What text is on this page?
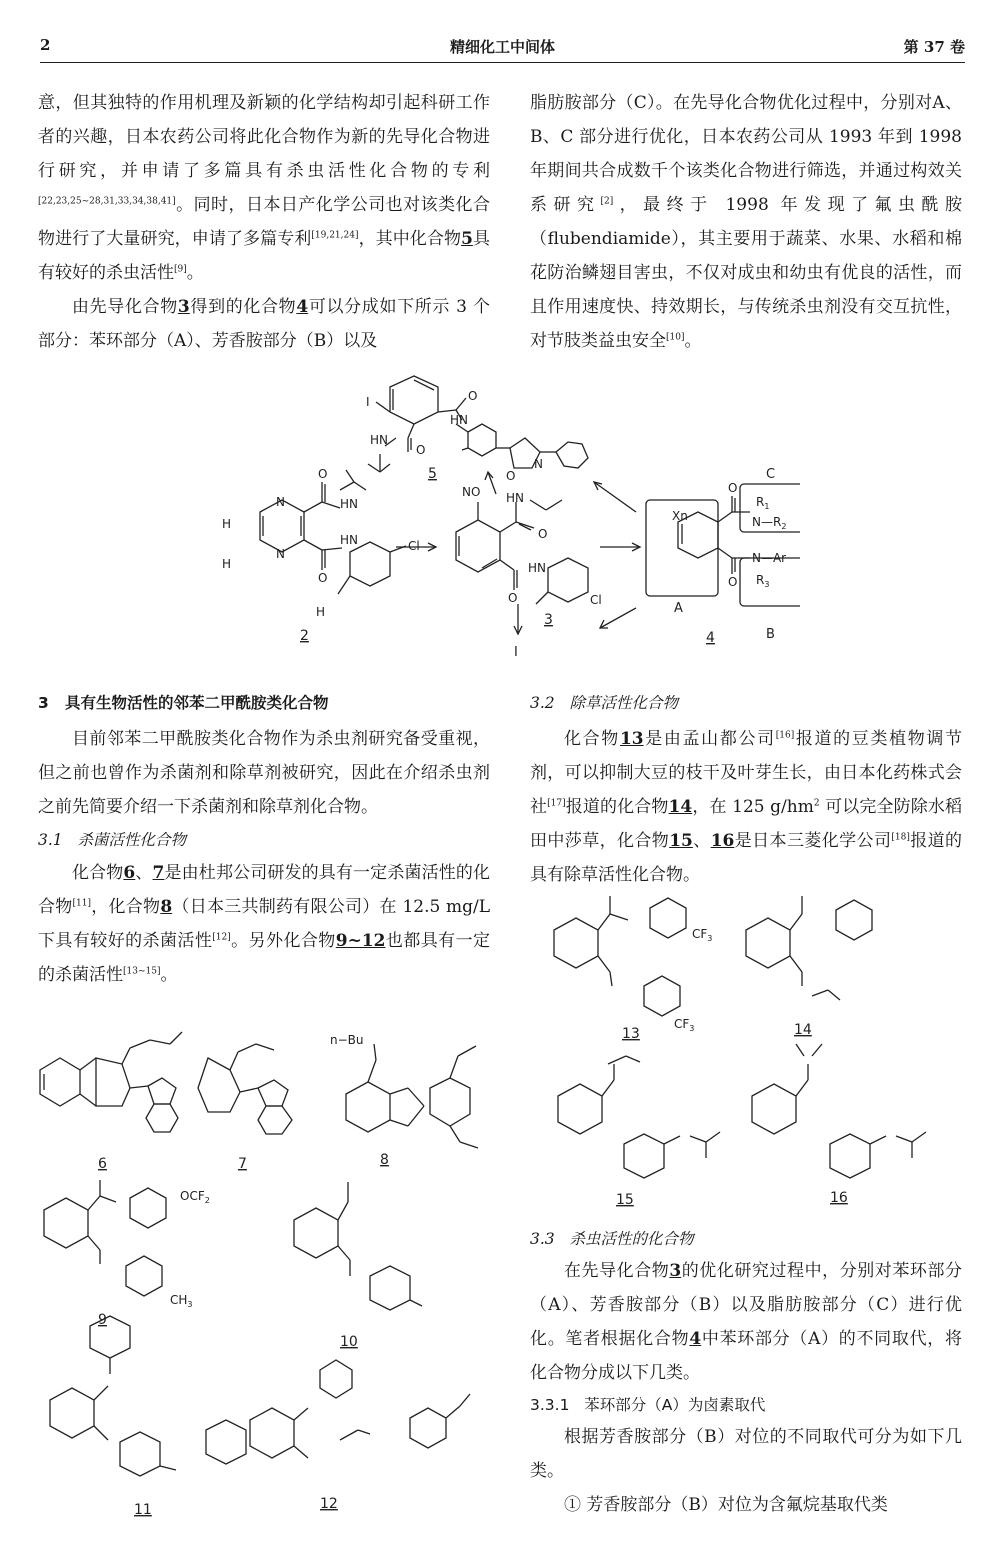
2	精细化工中间体	第 37 卷

意，但其独特的作用机理及新颖的化学结构却引起科研工作者的兴趣，日本农药公司将此化合物作为新的先导化合物进行研究，并申请了多篇具有杀虫活性化合物的专利[22,23,25~28,31,33,34,38,41]。同时，日本日产化学公司也对该类化合物进行了大量研究，申请了多篇专利[19,21,24]，其中化合物5具有较好的杀虫活性[9]。

由先导化合物3得到的化合物4可以分成如下所示 3 个部分：苯环部分（A）、芳香胺部分（B）以及

脂肪胺部分（C）。在先导化合物优化过程中，分别对A、B、C 部分进行优化，日本农药公司从 1993 年到 1998 年期间共合成数千个该类化合物进行筛选，并通过构效关系研究[2]，最终于 1998 年发现了氟虫酰胺（flubendiamide），其主要用于蔬菜、水果、水稻和棉花防治鳞翅目害虫，不仅对成虫和幼虫有优良的活性，而且作用速度快、持效期长，与传统杀虫剂没有交互抗性，对节肢类益虫安全[10]。

I
HN
O
O
HN
O
N
5
N
N
H
H
HN
O
O
HN	Cl
H
2
NO HN
O
O
HN
Cl
3
I
Xn
O
O
$R_1$
$N—R_2$
N—Ar
$R_3$
C
A
B
4

3 具有生物活性的邻苯二甲酰胺类化合物

目前邻苯二甲酰胺类化合物作为杀虫剂研究备受重视，但之前也曾作为杀菌剂和除草剂被研究，因此在介绍杀虫剂之前先简要介绍一下杀菌剂和除草剂化合物。

3.1 杀菌活性化合物

化合物6、7是由杜邦公司研发的具有一定杀菌活性的化合物[11]，化合物8（日本三共制药有限公司）在 12.5 mg/L 下具有较好的杀菌活性[12]。另外化合物9~12也都具有一定的杀菌活性[13~15]。

3.2 除草活性化合物

化合物13是由孟山都公司[16]报道的豆类植物调节剂，可以抑制大豆的枝干及叶芽生长，由日本化药株式会社[17]报道的化合物14，在 125 $g/hm^2$ 可以完全防除水稻田中莎草，化合物15、16是日本三菱化学公司[18]报道的具有除草活性化合物。

n−Bu
$OCF_2$
$CH_3$
6	7	8
9
10
11	12
$CF_3$
$CF_3$
13	14
15	16

3.3 杀虫活性的化合物

在先导化合物3的优化研究过程中，分别对苯环部分（A）、芳香胺部分（B）以及脂肪胺部分（C）进行优化。笔者根据化合物4中苯环部分（A）的不同取代，将化合物分成以下几类。

3.3.1 苯环部分（A）为卤素取代

根据芳香胺部分（B）对位的不同取代可分为如下几类。

① 芳香胺部分（B）对位为含氟烷基取代类
